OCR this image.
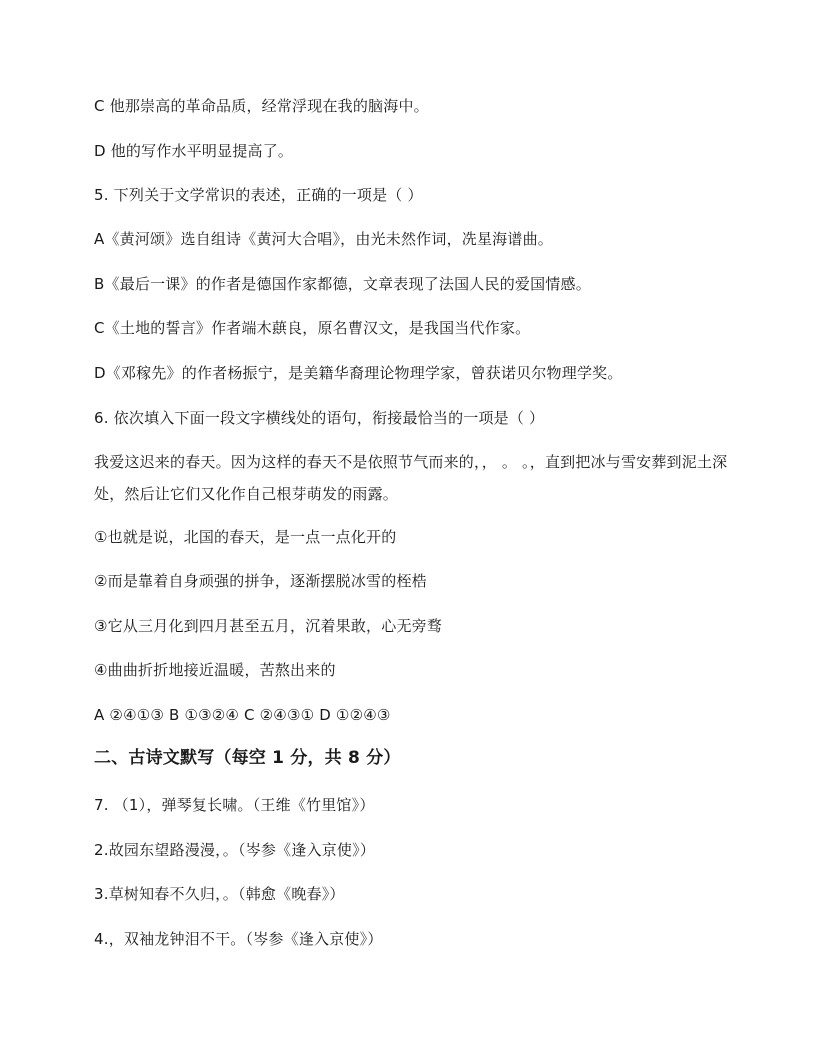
C 他那崇高的革命品质，经常浮现在我的脑海中。
D 他的写作水平明显提高了。
5. 下列关于文学常识的表述，正确的一项是（ ）
A《黄河颂》选自组诗《黄河大合唱》，由光未然作词，冼星海谱曲。
B《最后一课》的作者是德国作家都德，文章表现了法国人民的爱国情感。
C《土地的誓言》作者端木蕻良，原名曹汉文，是我国当代作家。
D《邓稼先》的作者杨振宁，是美籍华裔理论物理学家，曾获诺贝尔物理学奖。
6. 依次填入下面一段文字横线处的语句，衔接最恰当的一项是（ ）
我爱这迟来的春天。因为这样的春天不是依照节气而来的，， 。 。，直到把冰与雪安葬到泥土深处，然后让它们又化作自己根芽萌发的雨露。
①也就是说，北国的春天，是一点一点化开的
②而是靠着自身顽强的拼争，逐渐摆脱冰雪的桎梏
③它从三月化到四月甚至五月，沉着果敢，心无旁骛
④曲曲折折地接近温暖，苦熬出来的
A ②④①③ B ①③②④ C ②④③① D ①②④③
二、古诗文默写（每空 1 分，共 8 分）
7. （1），弹琴复长啸。（王维《竹里馆》）
2.故园东望路漫漫，。（岑参《逢入京使》）
3.草树知春不久归，。（韩愈《晚春》）
4.，双袖龙钟泪不干。（岑参《逢入京使》）
